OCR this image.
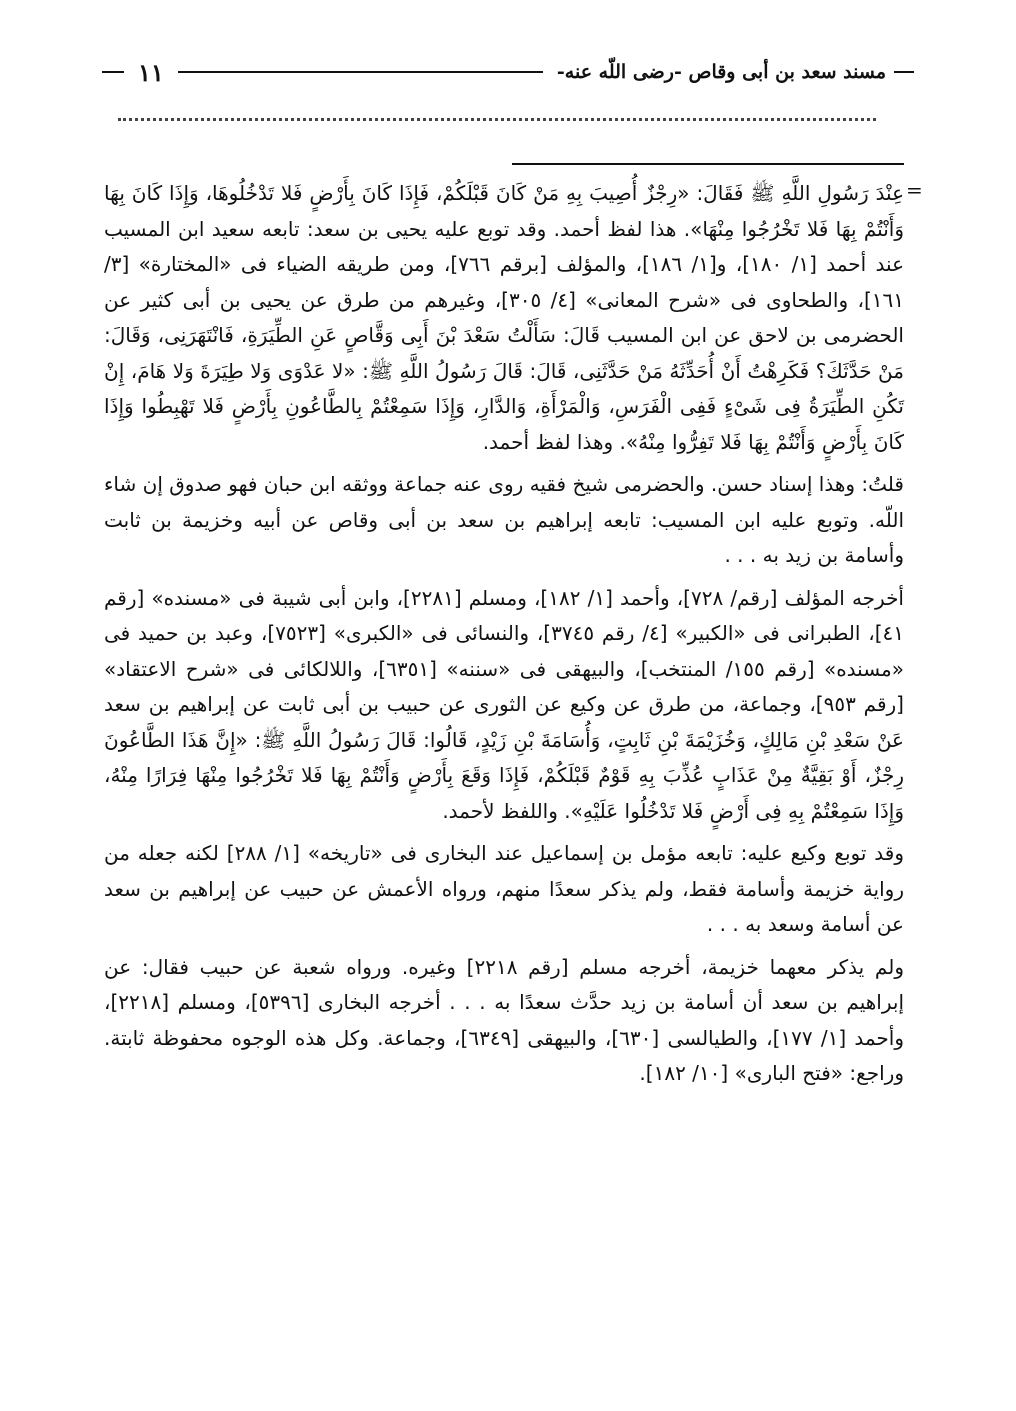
مسند سعد بن أبى وقاص -رضى اللّه عنه-
١١
=

عِنْدَ رَسُولِ اللَّهِ ﷺ فَقَالَ: «رِجْزٌ أُصِيبَ بِهِ مَنْ كَانَ قَبْلَكُمْ، فَإِذَا كَانَ بِأَرْضٍ فَلا تَدْخُلُوهَا، وَإِذَا كَانَ بِهَا وَأَنْتُمْ بِهَا فَلا تَخْرُجُوا مِنْهَا». هذا لفظ أحمد. وقد توبع عليه يحيى بن سعد: تابعه سعيد ابن المسيب عند أحمد [١/ ١٨٠]، و[١/ ١٨٦]، والمؤلف [برقم ٧٦٦]، ومن طريقه الضياء فى «المختارة» [٣/ ١٦١]، والطحاوى فى «شرح المعانى» [٤/ ٣٠٥]، وغيرهم من طرق عن يحيى بن أبى كثير عن الحضرمى بن لاحق عن ابن المسيب قَالَ: سَأَلْتُ سَعْدَ بْنَ أَبِى وَقَّاصٍ عَنِ الطِّيَرَةِ، فَانْتَهَرَنِى، وَقَالَ: مَنْ حَدَّثَكَ؟ فَكَرِهْتُ أَنْ أُحَدِّثَهُ مَنْ حَدَّثَنِى، قَالَ: قَالَ رَسُولُ اللَّهِ ﷺ: «لا عَدْوَى وَلا طِيَرَةَ وَلا هَامَ، إِنْ تَكُنِ الطِّيَرَةُ فِى شَىْءٍ فَفِى الْفَرَسِ، وَالْمَرْأَةِ، وَالدَّارِ، وَإِذَا سَمِعْتُمْ بِالطَّاعُونِ بِأَرْضٍ فَلا تَهْبِطُوا وَإِذَا كَانَ بِأَرْضٍ وَأَنْتُمْ بِهَا فَلا تَفِرُّوا مِنْهُ». وهذا لفظ أحمد.

قلتُ: وهذا إسناد حسن. والحضرمى شيخ فقيه روى عنه جماعة ووثقه ابن حبان فهو صدوق إن شاء اللّه. وتوبع عليه ابن المسيب: تابعه إبراهيم بن سعد بن أبى وقاص عن أبيه وخزيمة بن ثابت وأسامة بن زيد به . . .

أخرجه المؤلف [رقم/ ٧٢٨]، وأحمد [١/ ١٨٢]، ومسلم [٢٢٨١]، وابن أبى شيبة فى «مسنده» [رقم ٤١]، الطبرانى فى «الكبير» [٤/ رقم ٣٧٤٥]، والنسائى فى «الكبرى» [٧٥٢٣]، وعبد بن حميد فى «مسنده» [رقم ١٥٥/ المنتخب]، والبيهقى فى «سننه» [٦٣٥١]، واللالكائى فى «شرح الاعتقاد» [رقم ٩٥٣]، وجماعة، من طرق عن وكيع عن الثورى عن حبيب بن أبى ثابت عن إبراهيم بن سعد عَنْ سَعْدِ بْنِ مَالِكٍ، وَخُزَيْمَةَ بْنِ ثَابِتٍ، وَأُسَامَةَ بْنِ زَيْدٍ، قَالُوا: قَالَ رَسُولُ اللَّهِ ﷺ: «إِنَّ هَذَا الطَّاعُونَ رِجْزٌ، أَوْ بَقِيَّةٌ مِنْ عَذَابٍ عُذِّبَ بِهِ قَوْمٌ قَبْلَكُمْ، فَإِذَا وَقَعَ بِأَرْضٍ وَأَنْتُمْ بِهَا فَلا تَخْرُجُوا مِنْهَا فِرَارًا مِنْهُ، وَإِذَا سَمِعْتُمْ بِهِ فِى أَرْضٍ فَلا تَدْخُلُوا عَلَيْهِ». واللفظ لأحمد.

وقد توبع وكيع عليه: تابعه مؤمل بن إسماعيل عند البخارى فى «تاريخه» [١/ ٢٨٨] لكنه جعله من رواية خزيمة وأسامة فقط، ولم يذكر سعدًا منهم، ورواه الأعمش عن حبيب عن إبراهيم بن سعد عن أسامة وسعد به . . .

ولم يذكر معهما خزيمة، أخرجه مسلم [رقم ٢٢١٨] وغيره. ورواه شعبة عن حبيب فقال: عن إبراهيم بن سعد أن أسامة بن زيد حدَّث سعدًا به . . . أخرجه البخارى [٥٣٩٦]، ومسلم [٢٢١٨]، وأحمد [١/ ١٧٧]، والطيالسى [٦٣٠]، والبيهقى [٦٣٤٩]، وجماعة. وكل هذه الوجوه محفوظة ثابتة. وراجع: «فتح البارى» [١٠/ ١٨٢].
